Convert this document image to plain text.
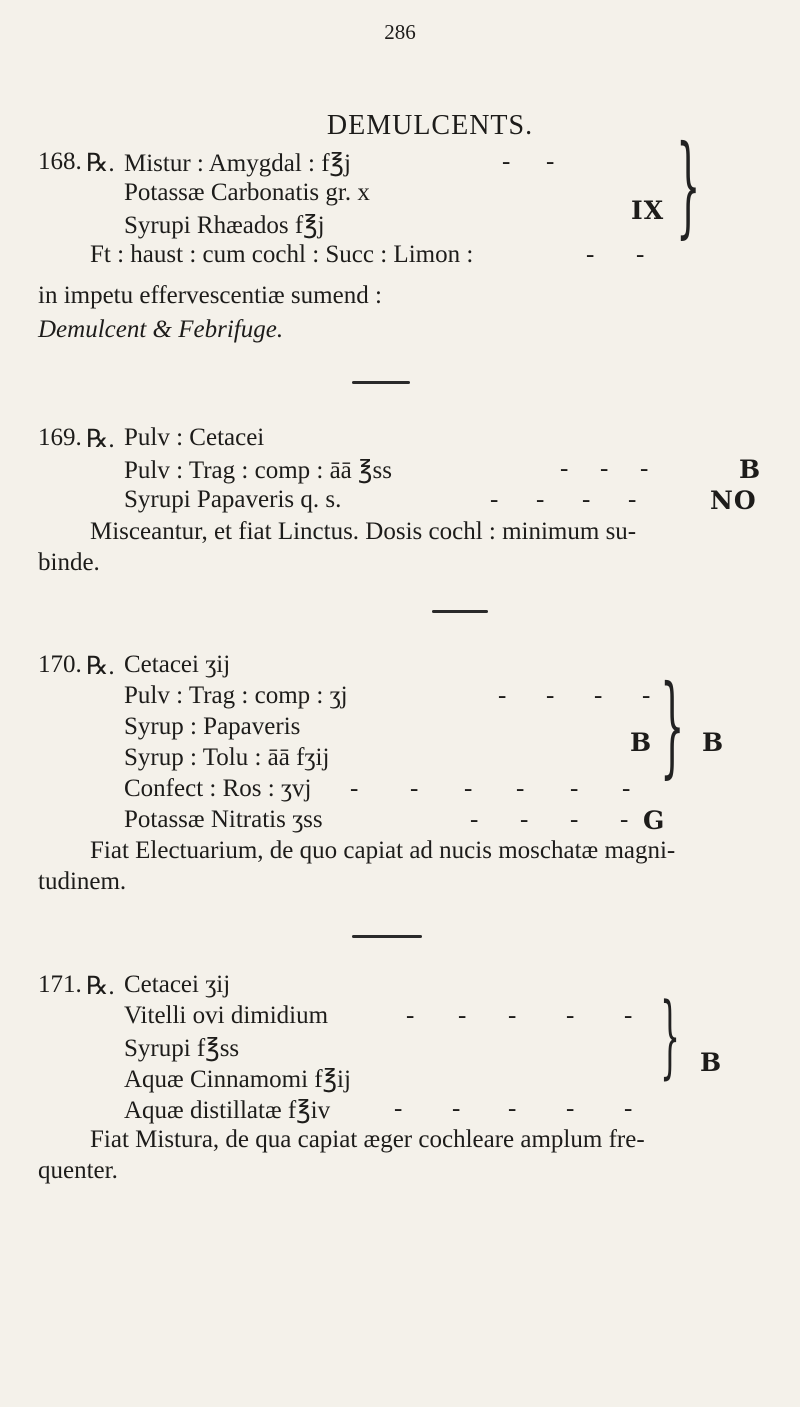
286
DEMULCENTS.
168. ℞. Mistur : Amygdal : f℥j
Potassæ Carbonatis gr. x
Syrupi Rhæados f℥j
Ft : haust : cum cochl : Succ : Limon :
in impetu effervescentiæ sumend :
Demulcent & Febrifuge.
- -
- -
IX }
169. ℞. Pulv : Cetacei
Pulv : Trag : comp : āā ℥ss
Syrupi Papaveris q. s.
Misceantur, et fiat Linctus. Dosis cochl : minimum su-
binde.
- - -
- - - -
B
NO
170. ℞. Cetacei ʒij
Pulv : Trag : comp : ʒj
Syrup : Papaveris
Syrup : Tolu : āā fʒij
Confect : Ros : ʒvj
Potassæ Nitratis ʒss
Fiat Electuarium, de quo capiat ad nucis moschatæ magni-
tudinem.
- - - -
- - - - - -
- - - -
B } B
G
171. ℞. Cetacei ʒij
Vitelli ovi dimidium
Syrupi f℥ss
Aquæ Cinnamomi f℥ij
Aquæ distillatæ f℥iv
Fiat Mistura, de qua capiat æger cochleare amplum fre-
quenter.
- - - - -
- - - - -
} B
